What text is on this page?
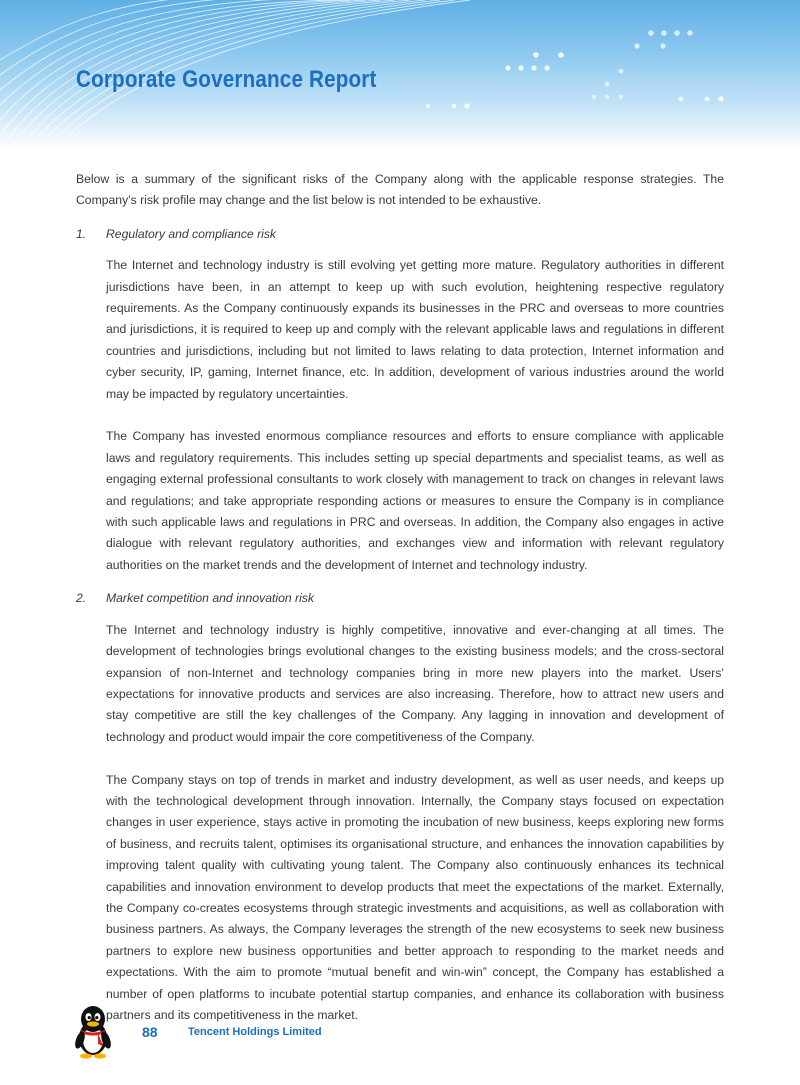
Corporate Governance Report

Below is a summary of the significant risks of the Company along with the applicable response strategies. The Company’s risk profile may change and the list below is not intended to be exhaustive.

1.	Regulatory and compliance risk

The Internet and technology industry is still evolving yet getting more mature. Regulatory authorities in different jurisdictions have been, in an attempt to keep up with such evolution, heightening respective regulatory requirements. As the Company continuously expands its businesses in the PRC and overseas to more countries and jurisdictions, it is required to keep up and comply with the relevant applicable laws and regulations in different countries and jurisdictions, including but not limited to laws relating to data protection, Internet information and cyber security, IP, gaming, Internet finance, etc. In addition, development of various industries around the world may be impacted by regulatory uncertainties.

The Company has invested enormous compliance resources and efforts to ensure compliance with applicable laws and regulatory requirements. This includes setting up special departments and specialist teams, as well as engaging external professional consultants to work closely with management to track on changes in relevant laws and regulations; and take appropriate responding actions or measures to ensure the Company is in compliance with such applicable laws and regulations in PRC and overseas. In addition, the Company also engages in active dialogue with relevant regulatory authorities, and exchanges view and information with relevant regulatory authorities on the market trends and the development of Internet and technology industry.

2.	Market competition and innovation risk

The Internet and technology industry is highly competitive, innovative and ever-changing at all times. The development of technologies brings evolutional changes to the existing business models; and the cross-sectoral expansion of non-Internet and technology companies bring in more new players into the market. Users’ expectations for innovative products and services are also increasing. Therefore, how to attract new users and stay competitive are still the key challenges of the Company. Any lagging in innovation and development of technology and product would impair the core competitiveness of the Company.

The Company stays on top of trends in market and industry development, as well as user needs, and keeps up with the technological development through innovation. Internally, the Company stays focused on expectation changes in user experience, stays active in promoting the incubation of new business, keeps exploring new forms of business, and recruits talent, optimises its organisational structure, and enhances the innovation capabilities by improving talent quality with cultivating young talent. The Company also continuously enhances its technical capabilities and innovation environment to develop products that meet the expectations of the market. Externally, the Company co-creates ecosystems through strategic investments and acquisitions, as well as collaboration with business partners. As always, the Company leverages the strength of the new ecosystems to seek new business partners to explore new business opportunities and better approach to responding to the market needs and expectations. With the aim to promote “mutual benefit and win-win” concept, the Company has established a number of open platforms to incubate potential startup companies, and enhance its collaboration with business partners and its competitiveness in the market.

88	Tencent Holdings Limited
